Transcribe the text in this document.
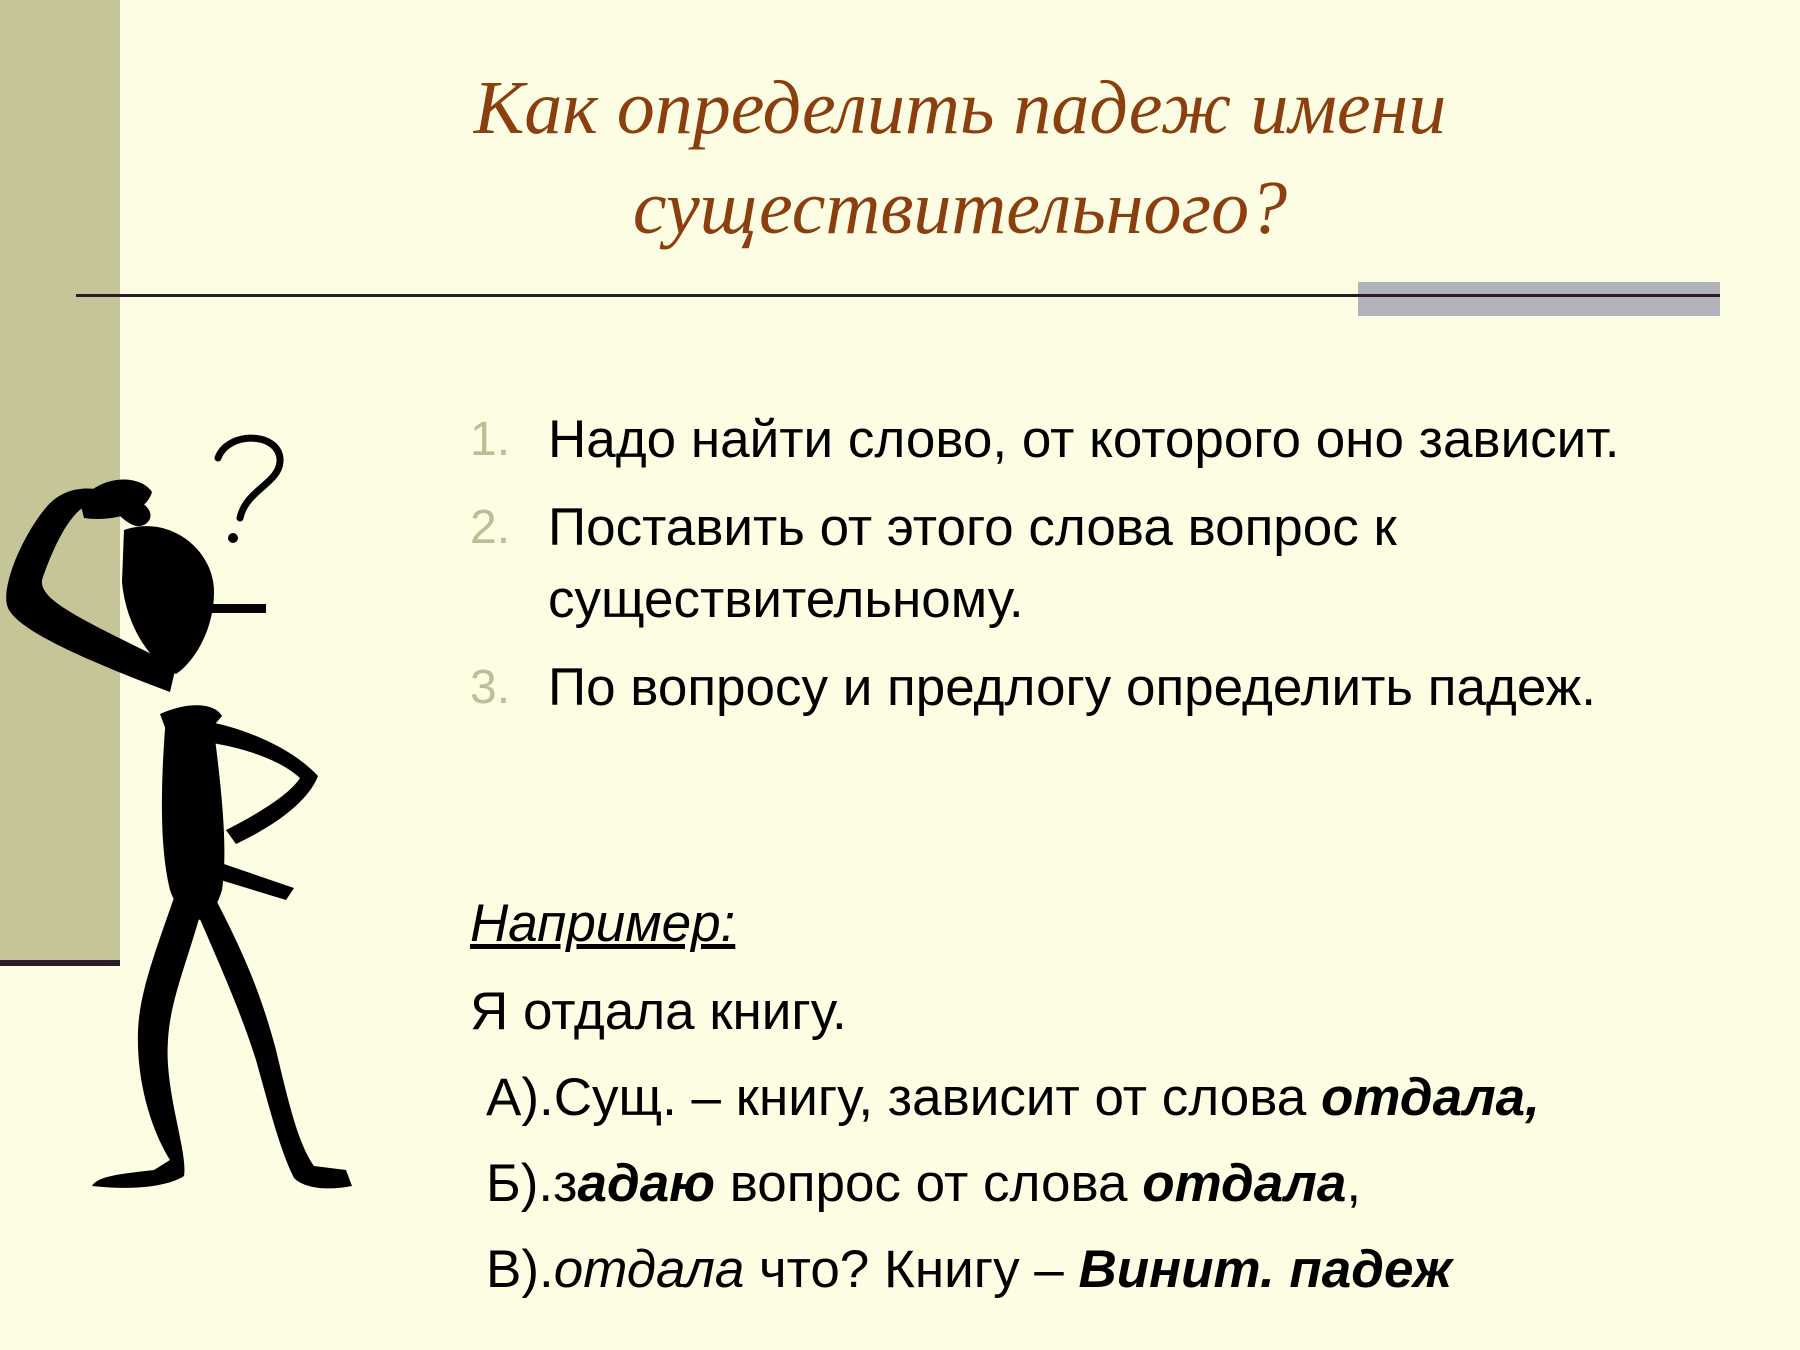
Как определить падеж имени
существительного?
1. Надо найти слово, от которого оно зависит.
2. Поставить от этого слова вопрос к существительному.
3. По вопросу и предлогу определить падеж.
Например:
Я отдала книгу.
А).Сущ. – книгу, зависит от слова отдала,
Б).задаю вопрос от слова отдала,
В).отдала что? Книгу – Винит. падеж
